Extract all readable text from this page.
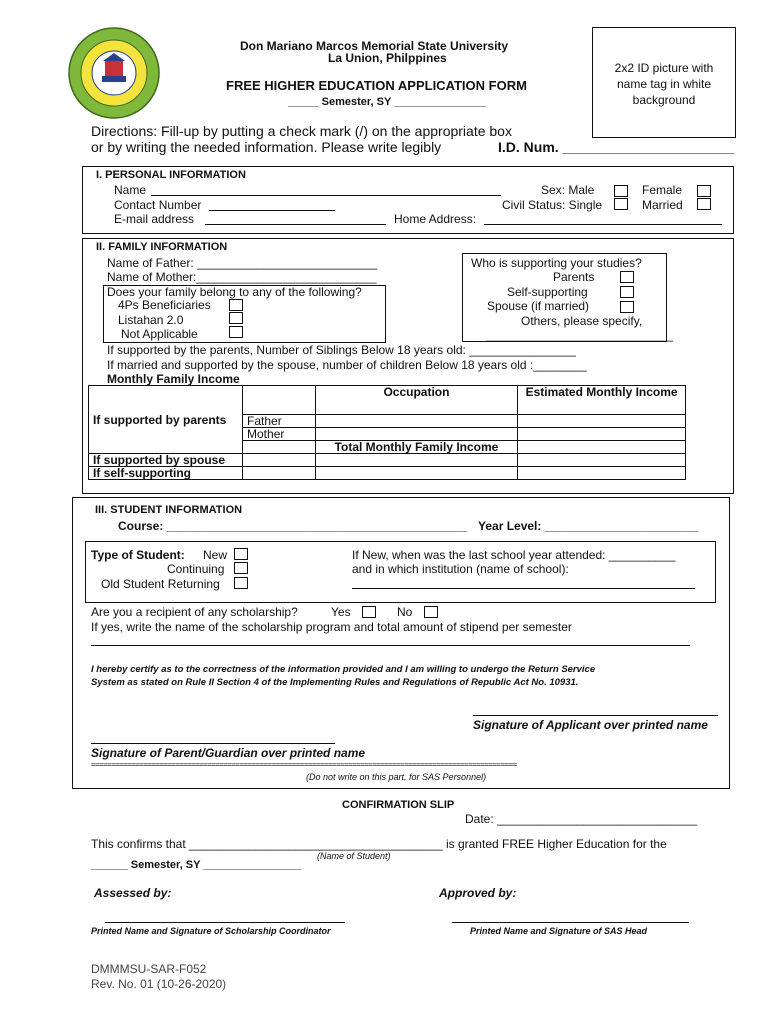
Don Mariano Marcos Memorial State University
La Union, Philppines
FREE HIGHER EDUCATION APPLICATION FORM
_____ Semester, SY _______________
2x2 ID picture with name tag in white background
Directions: Fill-up by putting a check mark (/) on the appropriate box
or by writing the needed information. Please write legibly	I.D. Num. ______________________
I. PERSONAL INFORMATION
Name	Sex: Male	Female
Contact Number	Civil Status: Single	Married
E-mail address	Home Address:
II. FAMILY INFORMATION
Name of Father: ___________________________
Name of Mother:___________________________
Does your family belong to any of the following?
4Ps Beneficiaries
Listahan 2.0
Not Applicable
Who is supporting your studies?
Parents
Self-supporting
Spouse (if married)
Others, please specify,
____________________________
If supported by the parents, Number of Siblings Below 18 years old: ________________
If married and supported by the spouse, number of children Below 18 years old :________
Monthly Family Income
		Occupation	Estimated Monthly Income
If supported by parents	Father		
	Mother		
		Total Monthly Family Income	
If supported by spouse			
If self-supporting			
III. STUDENT INFORMATION
Course: _____________________________________________ Year Level: _______________________
Type of Student: New
Continuing
Old Student Returning
If New, when was the last school year attended: __________
and in which institution (name of school):
Are you a recipient of any scholarship?	Yes	No
If yes, write the name of the scholarship program and total amount of stipend per semester
I hereby certify as to the correctness of the information provided and I am willing to undergo the Return Service
System as stated on Rule II Section 4 of the Implementing Rules and Regulations of Republic Act No. 10931.
Signature of Applicant over printed name
Signature of Parent/Guardian over printed name
==========================================================================================================
(Do not write on this part, for SAS Personnel)
CONFIRMATION SLIP
Date: ______________________________
This confirms that ______________________________________ is granted FREE Higher Education for the
(Name of Student)
______ Semester, SY ________________
Assessed by:	Approved by:
Printed Name and Signature of Scholarship Coordinator	Printed Name and Signature of SAS Head
DMMMSU-SAR-F052
Rev. No. 01 (10-26-2020)
